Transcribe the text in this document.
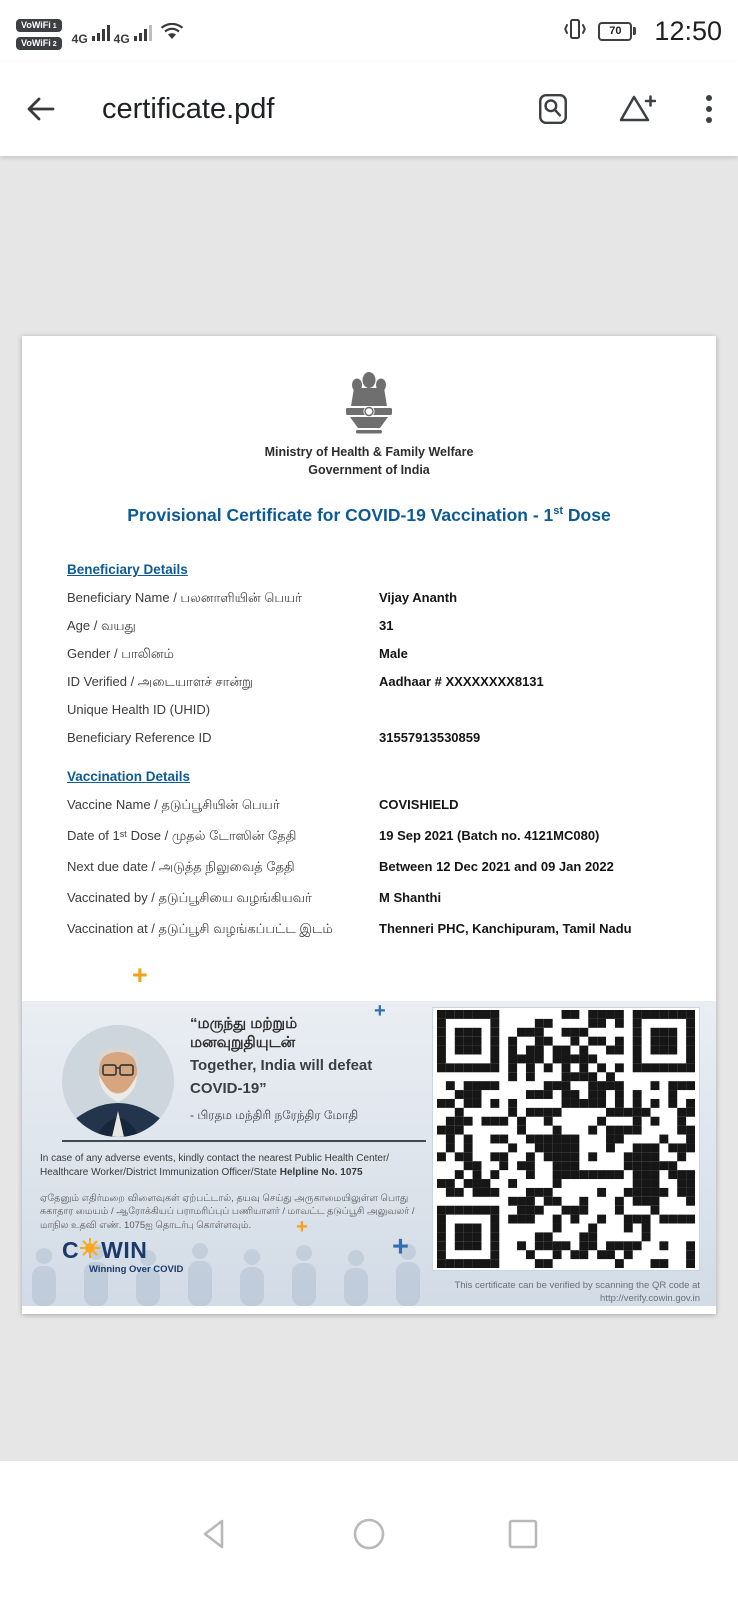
VoWiFi 1
VoWiFi 2 4G 4G
70 12:50
certificate.pdf
Ministry of Health & Family Welfare
Government of India
Provisional Certificate for COVID-19 Vaccination - 1st Dose
Beneficiary Details
Beneficiary Name / பலனாளியின் பெயர்	Vijay Ananth
Age / வயது	31
Gender / பாலினம்	Male
ID Verified / அடையாளச் சான்று	Aadhaar # XXXXXXXX8131
Unique Health ID (UHID)
Beneficiary Reference ID	31557913530859
Vaccination Details
Vaccine Name / தடுப்பூசியின் பெயர்	COVISHIELD
Date of 1ˢᵗ Dose / முதல் டோஸின் தேதி	19 Sep 2021 (Batch no. 4121MC080)
Next due date / அடுத்த நிலுவைத் தேதி	Between 12 Dec 2021 and 09 Jan 2022
Vaccinated by / தடுப்பூசியை வழங்கியவர்	M Shanthi
Vaccination at / தடுப்பூசி வழங்கப்பட்ட இடம்	Thenneri PHC, Kanchipuram, Tamil Nadu
+
+
+
+
“மருந்து மற்றும்
மனவுறுதியுடன்
Together, India will defeat
COVID-19”
- பிரதம மந்திரி நரேந்திர மோதி
In case of any adverse events, kindly contact the nearest Public Health Center/ Healthcare Worker/District Immunization Officer/State Helpline No. 1075
ஏதேனும் எதிர்மறை விளைவுகள் ஏற்பட்டால், தயவு செய்து அருகாமையிலுள்ள பொது சுகாதார மையம் / ஆரோக்கியப் பராமரிப்புப் பணியாளர் / மாவட்ட தடுப்பூசி அலுவலர் / மாநில உதவி எண். 1075ஐ தொடர்பு கொள்ளவும்.
C WIN
Winning Over COVID
This certificate can be verified by scanning the QR code at
http://verify.cowin.gov.in
